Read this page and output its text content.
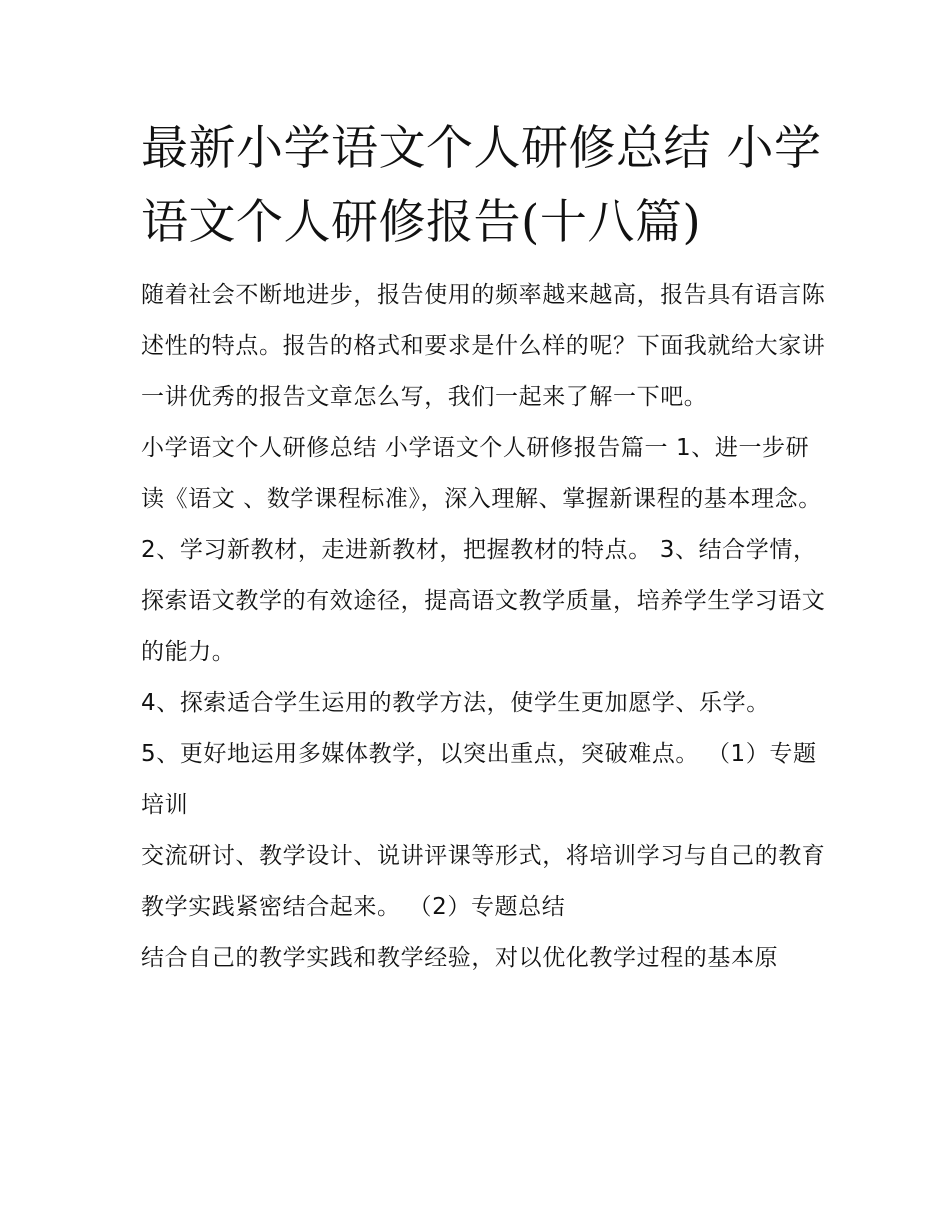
最新小学语文个人研修总结 小学语文个人研修报告(十八篇)

随着社会不断地进步，报告使用的频率越来越高，报告具有语言陈述性的特点。报告的格式和要求是什么样的呢？下面我就给大家讲一讲优秀的报告文章怎么写，我们一起来了解一下吧。

小学语文个人研修总结 小学语文个人研修报告篇一 1、进一步研读《语文 、数学课程标准》，深入理解、掌握新课程的基本理念。

2、学习新教材，走进新教材，把握教材的特点。 3、结合学情，探索语文教学的有效途径，提高语文教学质量，培养学生学习语文的能力。

4、探索适合学生运用的教学方法，使学生更加愿学、乐学。

5、更好地运用多媒体教学，以突出重点，突破难点。 （1）专题培训

交流研讨、教学设计、说讲评课等形式，将培训学习与自己的教育教学实践紧密结合起来。 （2）专题总结

结合自己的教学实践和教学经验，对以优化教学过程的基本原
